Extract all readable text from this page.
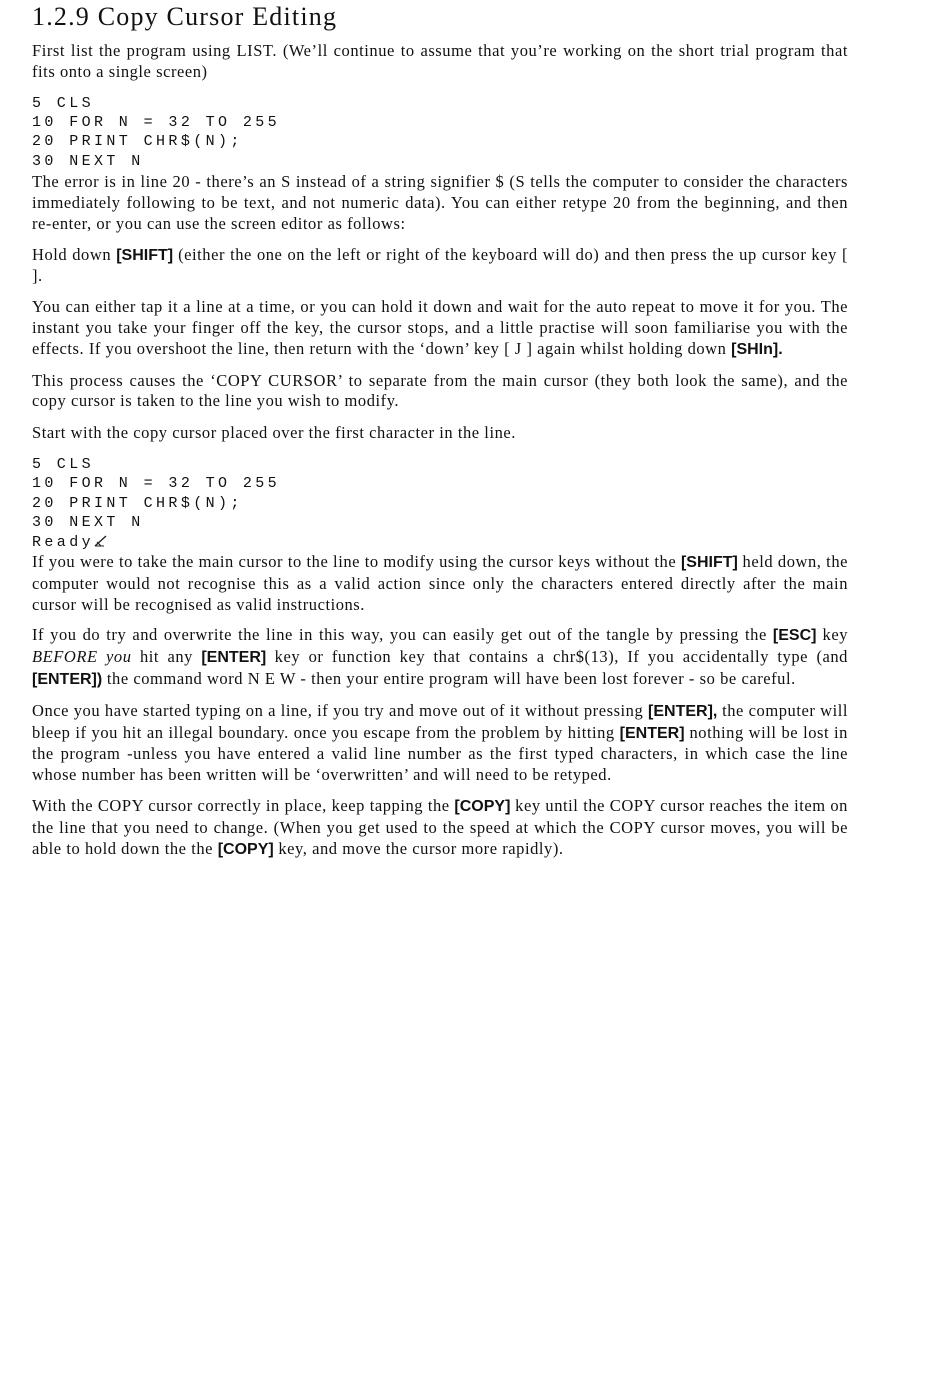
1.2.9 Copy Cursor Editing

First list the program using LIST. (We’ll continue to assume that you’re working on the short trial program that fits onto a single screen)

5 CLS
10 FOR N = 32 TO 255
20 PRINT CHR$(N);
30 NEXT N

The error is in line 20 - there’s an S instead of a string signifier $ (S tells the computer to consider the characters immediately following to be text, and not numeric data). You can either retype 20 from the beginning, and then re-enter, or you can use the screen editor as follows:

Hold down [SHIFT] (either the one on the left or right of the keyboard will do) and then press the up cursor key [ ].

You can either tap it a line at a time, or you can hold it down and wait for the auto repeat to move it for you. The instant you take your finger off the key, the cursor stops, and a little practise will soon familiarise you with the effects. If you overshoot the line, then return with the ‘down’ key [ J ] again whilst holding down [SHIn].

This process causes the ‘COPY CURSOR’ to separate from the main cursor (they both look the same), and the copy cursor is taken to the line you wish to modify.

Start with the copy cursor placed over the first character in the line.

5 CLS
10 FOR N = 32 TO 255
20 PRINT CHR$(N);
30 NEXT N
Ready

If you were to take the main cursor to the line to modify using the cursor keys without the [SHIFT] held down, the computer would not recognise this as a valid action since only the characters entered directly after the main cursor will be recognised as valid instructions.

If you do try and overwrite the line in this way, you can easily get out of the tangle by pressing the [ESC] key BEFORE you hit any [ENTER] key or function key that contains a chr$(13), If you accidentally type (and [ENTER]) the command word N E W - then your entire program will have been lost forever - so be careful.

Once you have started typing on a line, if you try and move out of it without pressing [ENTER], the computer will bleep if you hit an illegal boundary. once you escape from the problem by hitting [ENTER] nothing will be lost in the program -unless you have entered a valid line number as the first typed characters, in which case the line whose number has been written will be ‘overwritten’ and will need to be retyped.

With the COPY cursor correctly in place, keep tapping the [COPY] key until the COPY cursor reaches the item on the line that you need to change. (When you get used to the speed at which the COPY cursor moves, you will be able to hold down the the [COPY] key, and move the cursor more rapidly).
